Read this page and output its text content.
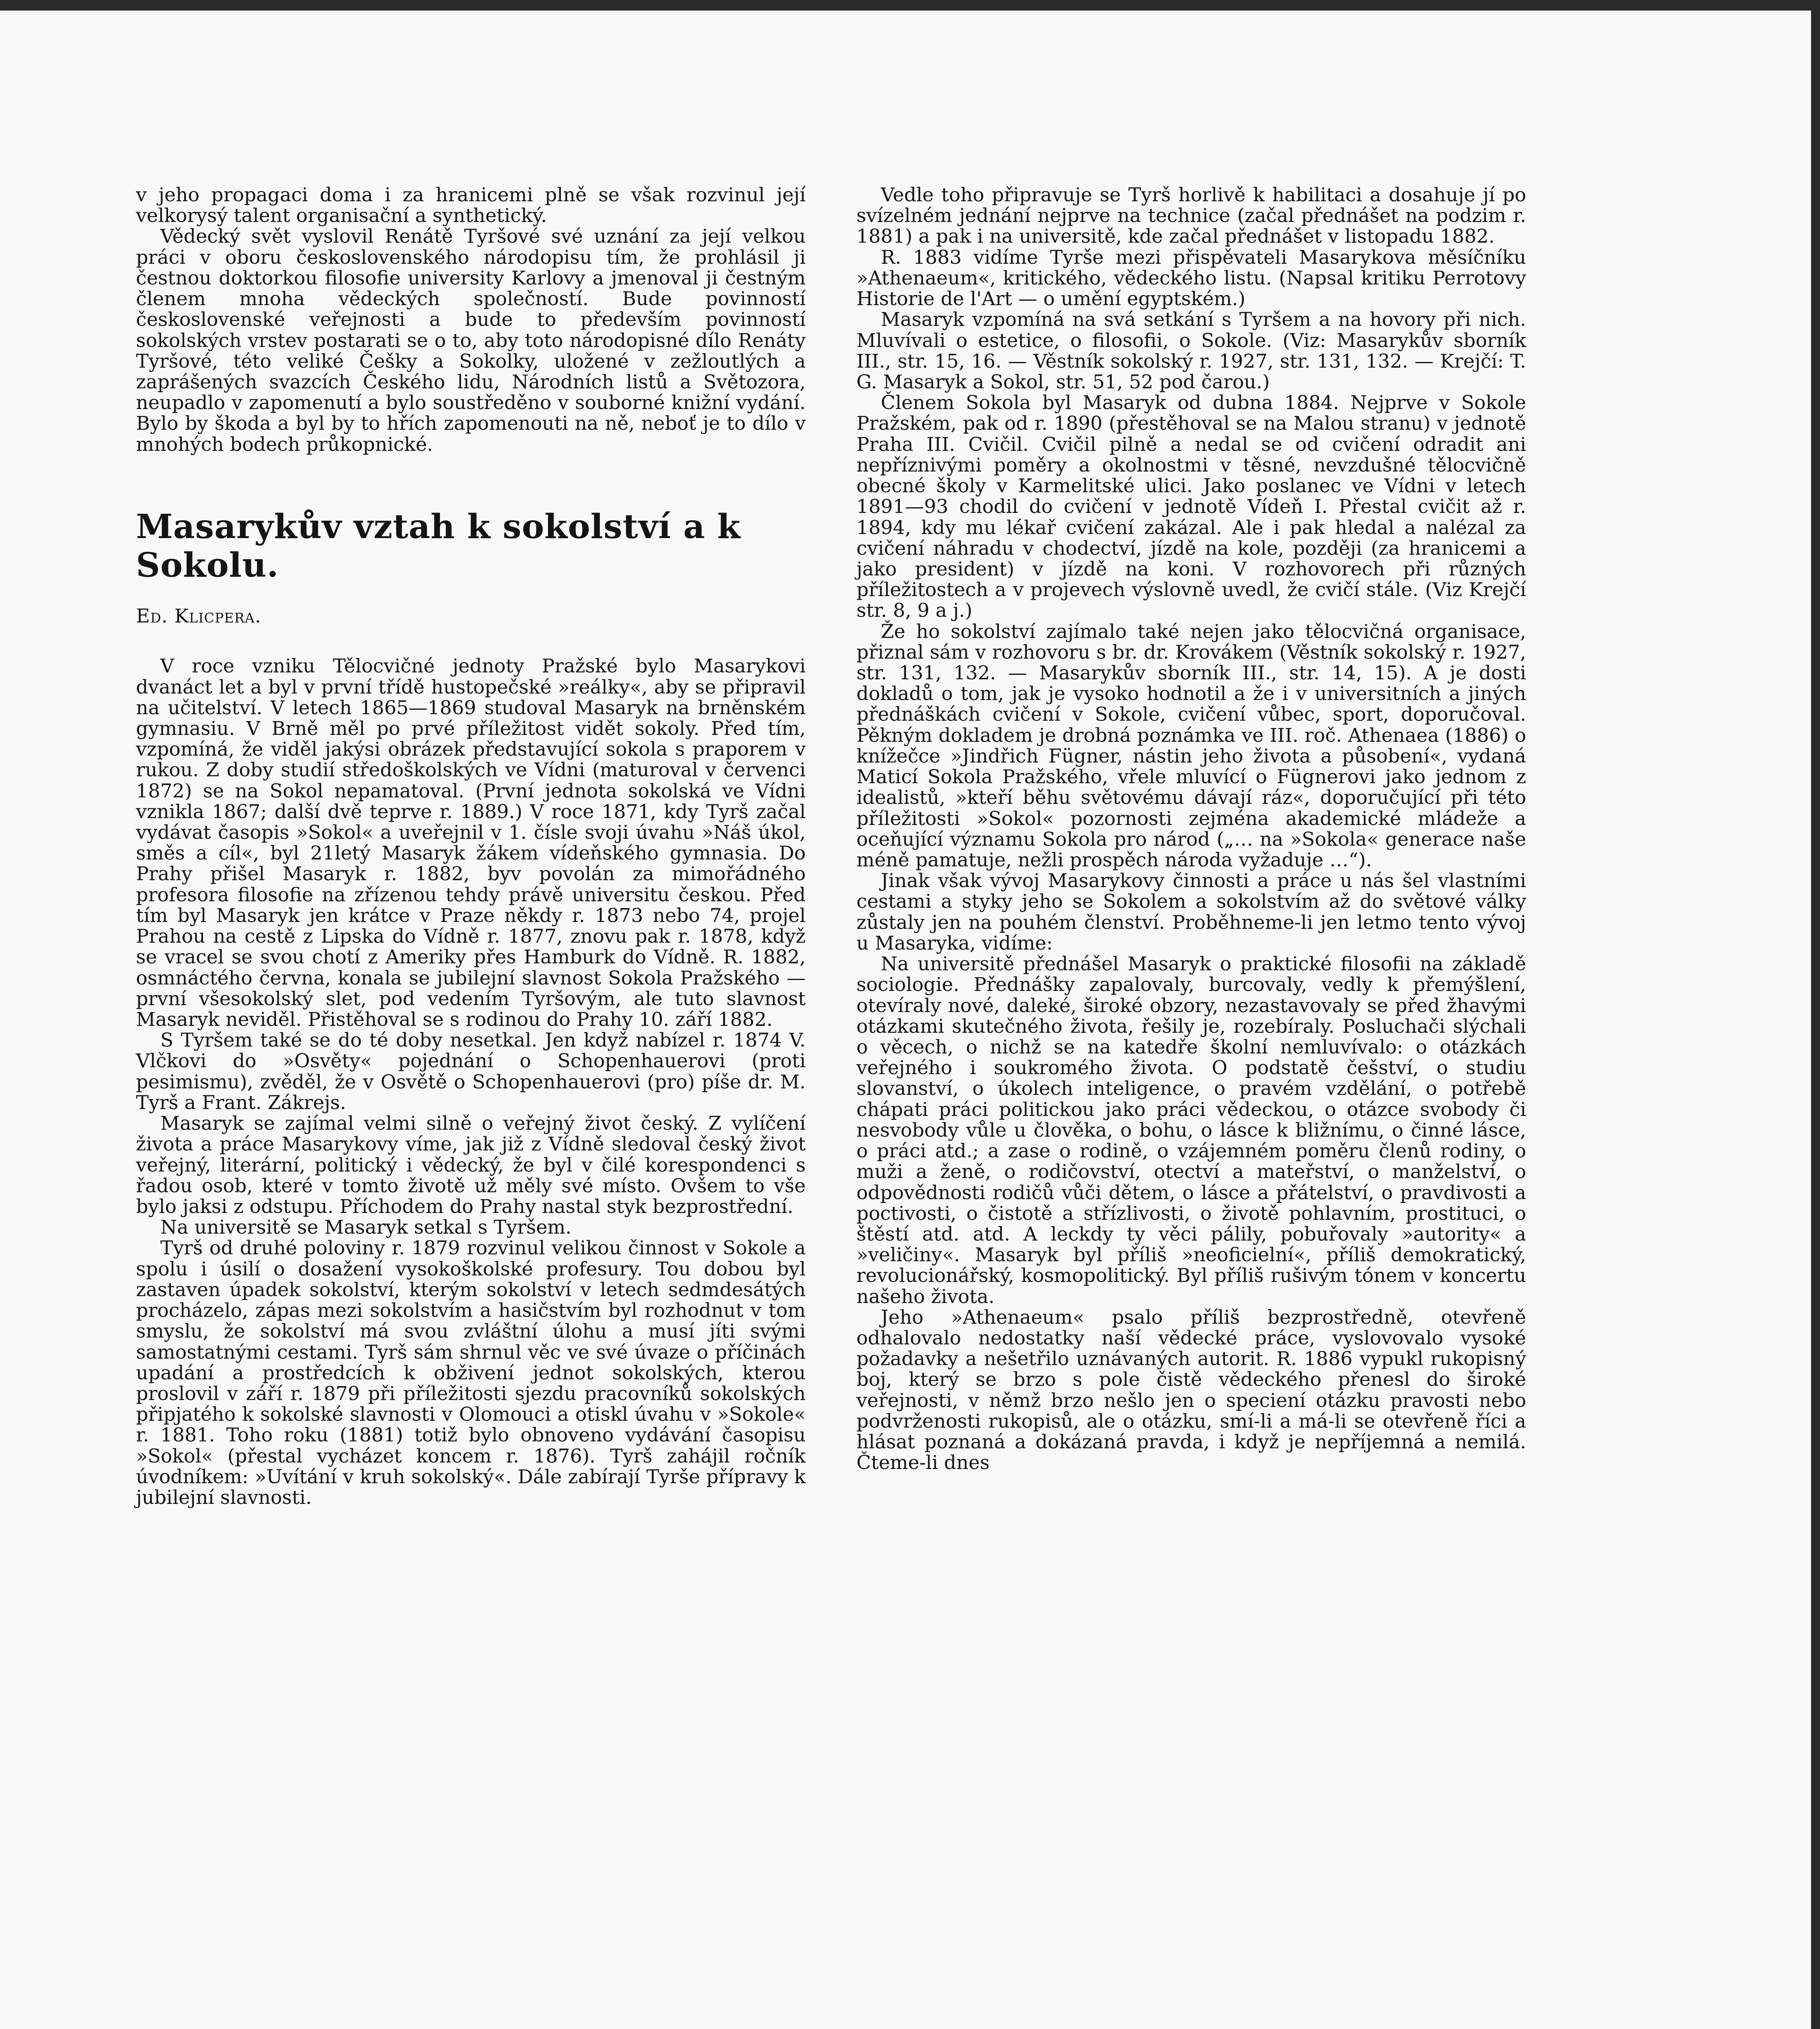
v jeho propagaci doma i za hranicemi plně se však rozvinul její velkorysý talent organisační a synthetický.

Vědecký svět vyslovil Renátě Tyršové své uznání za její velkou práci v oboru československého národopisu tím, že prohlásil ji čestnou doktorkou filosofie university Karlovy a jmenoval ji čestným členem mnoha vědeckých společností. Bude povinností československé veřejnosti a bude to především povinností sokolských vrstev postarati se o to, aby toto národopisné dílo Renáty Tyršové, této veliké Češky a Sokolky, uložené v zežloutlých a zaprášených svazcích Českého lidu, Národních listů a Světozora, neupadlo v zapomenutí a bylo soustředěno v souborné knižní vydání. Bylo by škoda a byl by to hřích zapomenouti na ně, neboť je to dílo v mnohých bodech průkopnické.

Masarykův vztah k sokolství a k Sokolu.
Ed. Klicpera.

V roce vzniku Tělocvičné jednoty Pražské bylo Masarykovi dvanáct let a byl v první třídě hustopečské »reálky«, aby se připravil na učitelství. V letech 1865—1869 studoval Masaryk na brněnském gymnasiu. V Brně měl po prvé příležitost vidět sokoly. Před tím, vzpomíná, že viděl jakýsi obrázek představující sokola s praporem v rukou. Z doby studií středoškolských ve Vídni (maturoval v červenci 1872) se na Sokol nepamatoval. (První jednota sokolská ve Vídni vznikla 1867; další dvě teprve r. 1889.) V roce 1871, kdy Tyrš začal vydávat časopis »Sokol« a uveřejnil v 1. čísle svoji úvahu »Náš úkol, směs a cíl«, byl 21letý Masaryk žákem vídeňského gymnasia. Do Prahy přišel Masaryk r. 1882, byv povolán za mimořádného profesora filosofie na zřízenou tehdy právě universitu českou. Před tím byl Masaryk jen krátce v Praze někdy r. 1873 nebo 74, projel Prahou na cestě z Lipska do Vídně r. 1877, znovu pak r. 1878, když se vracel se svou chotí z Ameriky přes Hamburk do Vídně. R. 1882, osmnáctého června, konala se jubilejní slavnost Sokola Pražského — první všesokolský slet, pod vedením Tyršovým, ale tuto slavnost Masaryk neviděl. Přistěhoval se s rodinou do Prahy 10. září 1882.

S Tyršem také se do té doby nesetkal. Jen když nabízel r. 1874 V. Vlčkovi do »Osvěty« pojednání o Schopenhauerovi (proti pesimismu), zvěděl, že v Osvětě o Schopenhauerovi (pro) píše dr. M. Tyrš a Frant. Zákrejs.

Masaryk se zajímal velmi silně o veřejný život český. Z vylíčení života a práce Masarykovy víme, jak již z Vídně sledoval český život veřejný, literární, politický i vědecký, že byl v čilé korespondenci s řadou osob, které v tomto životě už měly své místo. Ovšem to vše bylo jaksi z odstupu. Příchodem do Prahy nastal styk bezprostřední.

Na universitě se Masaryk setkal s Tyršem.

Tyrš od druhé poloviny r. 1879 rozvinul velikou činnost v Sokole a spolu i úsilí o dosažení vysokoškolské profesury. Tou dobou byl zastaven úpadek sokolství, kterým sokolství v letech sedmdesátých procházelo, zápas mezi sokolstvím a hasičstvím byl rozhodnut v tom smyslu, že sokolství má svou zvláštní úlohu a musí jíti svými samostatnými cestami. Tyrš sám shrnul věc ve své úvaze o příčinách upadání a prostředcích k obživení jednot sokolských, kterou proslovil v září r. 1879 při příležitosti sjezdu pracovníků sokolských připjatého k sokolské slavnosti v Olomouci a otiskl úvahu v »Sokole« r. 1881. Toho roku (1881) totiž bylo obnoveno vydávání časopisu »Sokol« (přestal vycházet koncem r. 1876). Tyrš zahájil ročník úvodníkem: »Uvítání v kruh sokolský«. Dále zabírají Tyrše přípravy k jubilejní slavnosti.

Vedle toho připravuje se Tyrš horlivě k habilitaci a dosahuje jí po svízelném jednání nejprve na technice (začal přednášet na podzim r. 1881) a pak i na universitě, kde začal přednášet v listopadu 1882.

R. 1883 vidíme Tyrše mezi přispěvateli Masarykova měsíčníku »Athenaeum«, kritického, vědeckého listu. (Napsal kritiku Perrotovy Historie de l'Art — o umění egyptském.)

Masaryk vzpomíná na svá setkání s Tyršem a na hovory při nich. Mluvívali o estetice, o filosofii, o Sokole. (Viz: Masarykův sborník III., str. 15, 16. — Věstník sokolský r. 1927, str. 131, 132. — Krejčí: T. G. Masaryk a Sokol, str. 51, 52 pod čarou.)

Členem Sokola byl Masaryk od dubna 1884. Nejprve v Sokole Pražském, pak od r. 1890 (přestěhoval se na Malou stranu) v jednotě Praha III. Cvičil. Cvičil pilně a nedal se od cvičení odradit ani nepříznivými poměry a okolnostmi v těsné, nevzdušné tělocvičně obecné školy v Karmelitské ulici. Jako poslanec ve Vídni v letech 1891—93 chodil do cvičení v jednotě Vídeň I. Přestal cvičit až r. 1894, kdy mu lékař cvičení zakázal. Ale i pak hledal a nalézal za cvičení náhradu v chodectví, jízdě na kole, později (za hranicemi a jako president) v jízdě na koni. V rozhovorech při různých příležitostech a v projevech výslovně uvedl, že cvičí stále. (Viz Krejčí str. 8, 9 a j.)

Že ho sokolství zajímalo také nejen jako tělocvičná organisace, přiznal sám v rozhovoru s br. dr. Krovákem (Věstník sokolský r. 1927, str. 131, 132. — Masarykův sborník III., str. 14, 15). A je dosti dokladů o tom, jak je vysoko hodnotil a že i v universitních a jiných přednáškách cvičení v Sokole, cvičení vůbec, sport, doporučoval. Pěkným dokladem je drobná poznámka ve III. roč. Athenaea (1886) o knížečce »Jindřich Fügner, nástin jeho života a působení«, vydaná Maticí Sokola Pražského, vřele mluvící o Fügnerovi jako jednom z idealistů, »kteří běhu světovému dávají ráz«, doporučující při této příležitosti »Sokol« pozornosti zejména akademické mládeže a oceňující významu Sokola pro národ („… na »Sokola« generace naše méně pamatuje, nežli prospěch národa vyžaduje …“).

Jinak však vývoj Masarykovy činnosti a práce u nás šel vlastními cestami a styky jeho se Sokolem a sokolstvím až do světové války zůstaly jen na pouhém členství. Proběhneme-li jen letmo tento vývoj u Masaryka, vidíme:

Na universitě přednášel Masaryk o praktické filosofii na základě sociologie. Přednášky zapalovaly, burcovaly, vedly k přemýšlení, otevíraly nové, daleké, široké obzory, nezastavovaly se před žhavými otázkami skutečného života, řešily je, rozebíraly. Posluchači slýchali o věcech, o nichž se na katedře školní nemluvívalo: o otázkách veřejného i soukromého života. O podstatě češství, o studiu slovanství, o úkolech inteligence, o pravém vzdělání, o potřebě chápati práci politickou jako práci vědeckou, o otázce svobody či nesvobody vůle u člověka, o bohu, o lásce k bližnímu, o činné lásce, o práci atd.; a zase o rodině, o vzájemném poměru členů rodiny, o muži a ženě, o rodičovství, otectví a mateřství, o manželství, o odpovědnosti rodičů vůči dětem, o lásce a přátelství, o pravdivosti a poctivosti, o čistotě a střízlivosti, o životě pohlavním, prostituci, o štěstí atd. atd. A leckdy ty věci pálily, pobuřovaly »autority« a »veličiny«. Masaryk byl příliš »neoficielní«, příliš demokratický, revolucionářský, kosmopolitický. Byl příliš rušivým tónem v koncertu našeho života.

Jeho »Athenaeum« psalo příliš bezprostředně, otevřeně odhalovalo nedostatky naší vědecké práce, vyslovovalo vysoké požadavky a nešetřilo uznávaných autorit. R. 1886 vypukl rukopisný boj, který se brzo s pole čistě vědeckého přenesl do široké veřejnosti, v němž brzo nešlo jen o speciení otázku pravosti nebo podvrženosti rukopisů, ale o otázku, smí-li a má-li se otevřeně říci a hlásat poznaná a dokázaná pravda, i když je nepříjemná a nemilá. Čteme-li dnes
